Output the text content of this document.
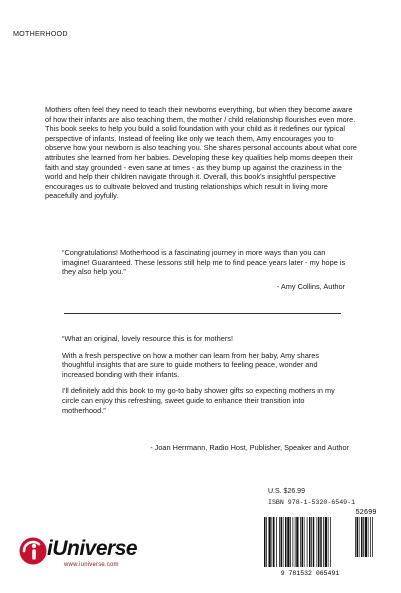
MOTHERHOOD
Mothers often feel they need to teach their newborns everything, but when they become aware of how their infants are also teaching them, the mother / child relationship flourishes even more. This book seeks to help you build a solid foundation with your child as it redefines our typical perspective of infants. Instead of feeling like only we teach them, Amy encourages you to observe how your newborn is also teaching you. She shares personal accounts about what core attributes she learned from her babies. Developing these key qualities help moms deepen their faith and stay grounded - even sane at times - as they bump up against the craziness in the world and help their children navigate through it. Overall, this book's insightful perspective encourages us to cultivate beloved and trusting relationships which result in living more peacefully and joyfully.
“Congratulations! Motherhood is a fascinating journey in more ways than you can imagine! Guaranteed. These lessons still help me to find peace years later - my hope is they also help you.”
- Amy Collins, Author

“What an original, lovely resource this is for mothers!

With a fresh perspective on how a mother can learn from her baby, Amy shares thoughtful insights that are sure to guide mothers to feeling peace, wonder and increased bonding with their infants.

I'll definitely add this book to my go-to baby shower gifts so expecting mothers in my circle can enjoy this refreshing, sweet guide to enhance their transition into motherhood.”

- Joan Herrmann, Radio Host, Publisher, Speaker and Author
U.S. $26.99
ISBN 978-1-5320-6549-1
52699
9 781532 065491
iUniverse
www.iuniverse.com
